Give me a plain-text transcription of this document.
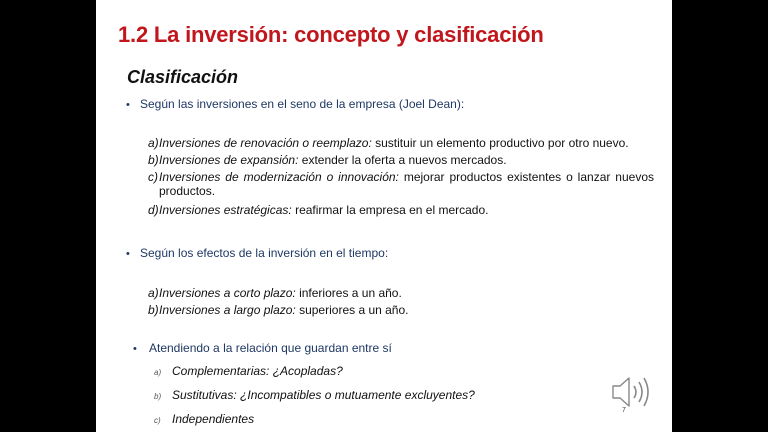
1.2 La inversión: concepto y clasificación
Clasificación
• Según las inversiones en el seno de la empresa (Joel Dean):
a)Inversiones de renovación o reemplazo: sustituir un elemento productivo por otro nuevo.
b)Inversiones de expansión: extender la oferta a nuevos mercados.
c)Inversiones de modernización o innovación: mejorar productos existentes o lanzar nuevos
productos.
d)Inversiones estratégicas: reafirmar la empresa en el mercado.
• Según los efectos de la inversión en el tiempo:
a)Inversiones a corto plazo: inferiores a un año.
b)Inversiones a largo plazo: superiores a un año.
• Atendiendo a la relación que guardan entre sí
a) Complementarias: ¿Acopladas?
b) Sustitutivas: ¿Incompatibles o mutuamente excluyentes?
c) Independientes
7
